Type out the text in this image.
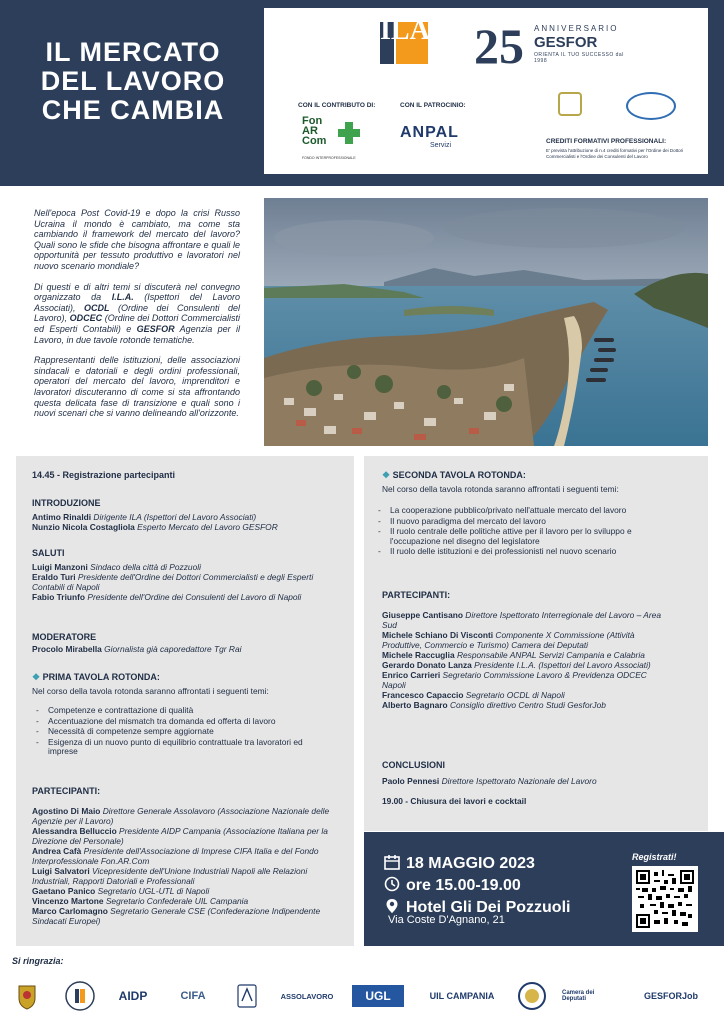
IL MERCATO
DEL LAVORO
CHE CAMBIA
ILA 25 ANNIVERSARIO
GESFOR
ORIENTA IL TUO SUCCESSO dal 1998
CON IL CONTRIBUTO DI:	CON IL PATROCINIO:
Fon
AR
Com
FONDO INTERPROFESSIONALE
ANPAL
Servizi
CREDITI FORMATIVI PROFESSIONALI:
E' prevista l'attribuzione di n.4 crediti formativi per l'Ordine dei Dottori Commercialisti e l'Ordine dei Consulenti del Lavoro

Nell'epoca Post Covid-19 e dopo la crisi Russo Ucraina il mondo è cambiato, ma come sta cambiando il framework del mercato del lavoro? Quali sono le sfide che bisogna affrontare e quali le opportunità per tessuto produttivo e lavoratori nel nuovo scenario mondiale?

Di questi e di altri temi si discuterà nel convegno organizzato da I.L.A. (Ispettori del Lavoro Associati), OCDL (Ordine dei Consulenti del Lavoro), ODCEC (Ordine dei Dottori Commercialisti ed Esperti Contabili) e GESFOR Agenzia per il Lavoro, in due tavole rotonde tematiche.

Rappresentanti delle istituzioni, delle associazioni sindacali e datoriali e degli ordini professionali, operatori del mercato del lavoro, imprenditori e lavoratori discuteranno di come si sta affrontando questa delicata fase di transizione e quali sono i nuovi scenari che si vanno delineando all'orizzonte.

14.45 - Registrazione partecipanti
INTRODUZIONE
Antimo Rinaldi Dirigente ILA (Ispettori del Lavoro Associati)
Nunzio Nicola Costagliola Esperto Mercato del Lavoro GESFOR
SALUTI
Luigi Manzoni Sindaco della città di Pozzuoli
Eraldo Turi Presidente dell'Ordine dei Dottori Commercialisti e degli Esperti Contabili di Napoli
Fabio Triunfo Presidente dell'Ordine dei Consulenti del Lavoro di Napoli
MODERATORE
Procolo Mirabella Giornalista già caporedattore Tgr Rai
❖ PRIMA TAVOLA ROTONDA:
Nel corso della tavola rotonda saranno affrontati i seguenti temi:
- Competenze e contrattazione di qualità
- Accentuazione del mismatch tra domanda ed offerta di lavoro
- Necessità di competenze sempre aggiornate
- Esigenza di un nuovo punto di equilibrio contrattuale tra lavoratori ed imprese
PARTECIPANTI:
Agostino Di Maio Direttore Generale Assolavoro (Associazione Nazionale delle Agenzie per il Lavoro)
Alessandra Belluccio Presidente AIDP Campania (Associazione Italiana per la Direzione del Personale)
Andrea Cafà Presidente dell'Associazione di Imprese CIFA Italia e del Fondo Interprofessionale Fon.AR.Com
Luigi Salvatori Vicepresidente dell'Unione Industriali Napoli alle Relazioni Industriali, Rapporti Datoriali e Professionali
Gaetano Panico Segretario UGL-UTL di Napoli
Vincenzo Martone Segretario Confederale UIL Campania
Marco Carlomagno Segretario Generale CSE (Confederazione Indipendente Sindacati Europei)
❖ SECONDA TAVOLA ROTONDA:
Nel corso della tavola rotonda saranno affrontati i seguenti temi:
- La cooperazione pubblico/privato nell'attuale mercato del lavoro
- Il nuovo paradigma del mercato del lavoro
- Il ruolo centrale delle politiche attive per il lavoro per lo sviluppo e l'occupazione nel disegno del legislatore
- Il ruolo delle istituzioni e dei professionisti nel nuovo scenario
PARTECIPANTI:
Giuseppe Cantisano Direttore Ispettorato Interregionale del Lavoro – Area Sud
Michele Schiano Di Visconti Componente X Commissione (Attività Produttive, Commercio e Turismo) Camera dei Deputati
Michele Raccuglia Responsabile ANPAL Servizi Campania e Calabria
Gerardo Donato Lanza Presidente I.L.A. (Ispettori del Lavoro Associati)
Enrico Carrieri Segretario Commissione Lavoro & Previdenza ODCEC Napoli
Francesco Capaccio Segretario OCDL di Napoli
Alberto Bagnaro Consiglio direttivo Centro Studi GesforJob
CONCLUSIONI
Paolo Pennesi Direttore Ispettorato Nazionale del Lavoro
19.00 - Chiusura dei lavori e cocktail
18 MAGGIO 2023
ore 15.00-19.00
Hotel Gli Dei Pozzuoli
Via Coste D'Agnano, 21
Registrati!
Si ringrazia:
AIDP	CIFA	ASSOLAVORO	UGL	UIL CAMPANIA	Camera dei Deputati	GESFORJob
